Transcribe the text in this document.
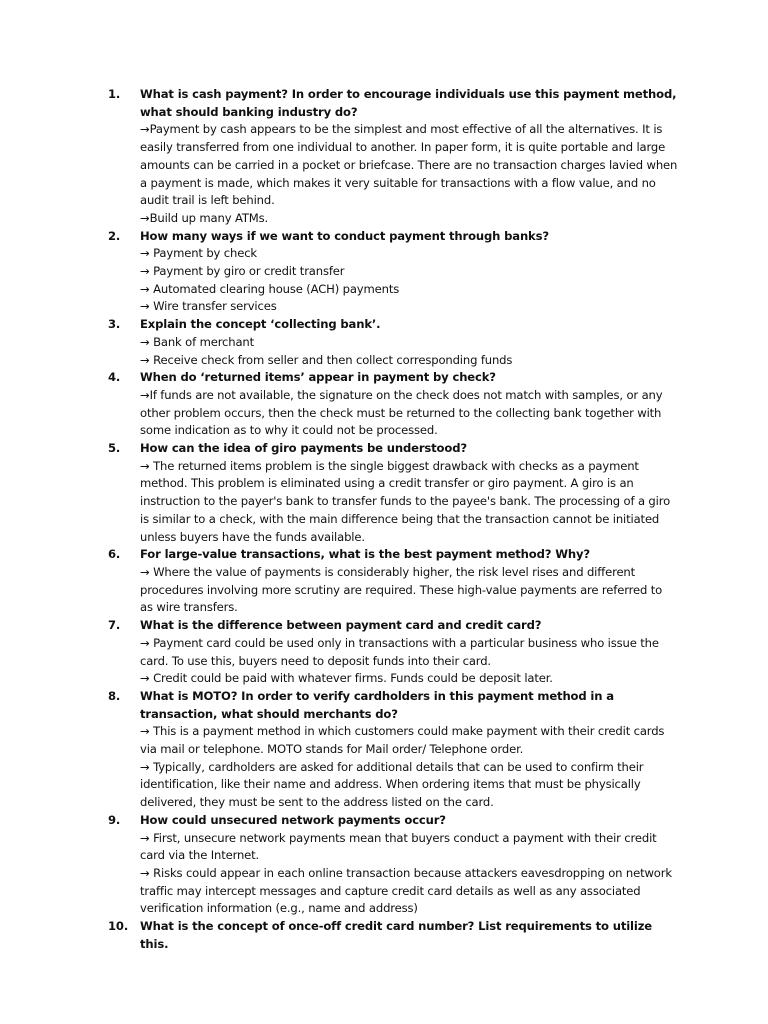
1.	What is cash payment? In order to encourage individuals use this payment method, what should banking industry do?

→Payment by cash appears to be the simplest and most effective of all the alternatives. It is easily transferred from one individual to another. In paper form, it is quite portable and large amounts can be carried in a pocket or briefcase. There are no transaction charges lavied when a payment is made, which makes it very suitable for transactions with a flow value, and no audit trail is left behind.

→Build up many ATMs.

2.	How many ways if we want to conduct payment through banks?

→ Payment by check

→ Payment by giro or credit transfer

→ Automated clearing house (ACH) payments

→ Wire transfer services

3.	Explain the concept ‘collecting bank’.

→ Bank of merchant

→ Receive check from seller and then collect corresponding funds

4.	When do ‘returned items’ appear in payment by check?

→If funds are not available, the signature on the check does not match with samples, or any other problem occurs, then the check must be returned to the collecting bank together with some indication as to why it could not be processed.

5.	How can the idea of giro payments be understood?

→ The returned items problem is the single biggest drawback with checks as a payment method. This problem is eliminated using a credit transfer or giro payment. A giro is an instruction to the payer's bank to transfer funds to the payee's bank. The processing of a giro is similar to a check, with the main difference being that the transaction cannot be initiated unless buyers have the funds available.

6.	For large-value transactions, what is the best payment method? Why?

→ Where the value of payments is considerably higher, the risk level rises and different procedures involving more scrutiny are required. These high-value payments are referred to as wire transfers.

7.	What is the difference between payment card and credit card?

→ Payment card could be used only in transactions with a particular business who issue the card. To use this, buyers need to deposit funds into their card.

→ Credit could be paid with whatever firms. Funds could be deposit later.

8.	What is MOTO? In order to verify cardholders in this payment method in a transaction, what should merchants do?

→ This is a payment method in which customers could make payment with their credit cards via mail or telephone. MOTO stands for Mail order/ Telephone order.

→ Typically, cardholders are asked for additional details that can be used to confirm their identification, like their name and address. When ordering items that must be physically delivered, they must be sent to the address listed on the card.

9.	How could unsecured network payments occur?

→ First, unsecure network payments mean that buyers conduct a payment with their credit card via the Internet.

→ Risks could appear in each online transaction because attackers eavesdropping on network traffic may intercept messages and capture credit card details as well as any associated verification information (e.g., name and address)

10.	What is the concept of once-off credit card number? List requirements to utilize this.
